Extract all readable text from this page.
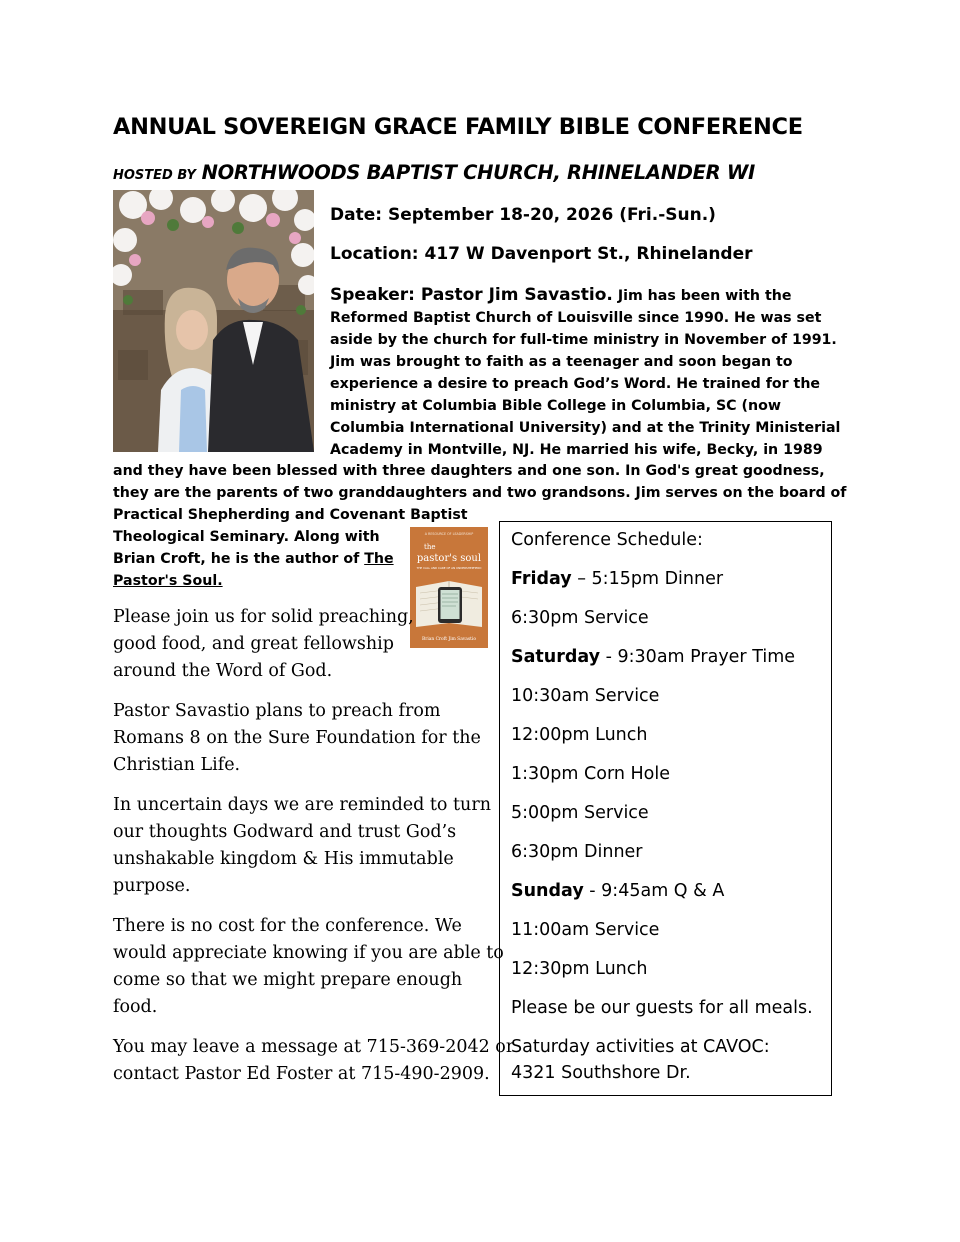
ANNUAL SOVEREIGN GRACE FAMILY BIBLE CONFERENCE

HOSTED BY NORTHWOODS BAPTIST CHURCH, RHINELANDER WI

Date: September 18-20, 2026 (Fri.-Sun.)

Location: 417 W Davenport St., Rhinelander

Speaker: Pastor Jim Savastio. Jim has been with the
Reformed Baptist Church of Louisville since 1990. He was set
aside by the church for full-time ministry in November of 1991.
Jim was brought to faith as a teenager and soon began to
experience a desire to preach God’s Word. He trained for the
ministry at Columbia Bible College in Columbia, SC (now
Columbia International University) and at the Trinity Ministerial
Academy in Montville, NJ. He married his wife, Becky, in 1989
and they have been blessed with three daughters and one son. In God's great goodness,
they are the parents of two granddaughters and two grandsons. Jim serves on the board of
Practical Shepherding and Covenant Baptist
Theological Seminary. Along with
Brian Croft, he is the author of The
Pastor's Soul.
A RESOURCE OF LEADERSHIP
the
pastor's soul
THE CALL AND CARE OF AN UNDERSHEPHERD
Brian Croft Jim Savastio
Please join us for solid preaching,
good food, and great fellowship
around the Word of God.
Pastor Savastio plans to preach from
Romans 8 on the Sure Foundation for the
Christian Life.
In uncertain days we are reminded to turn
our thoughts Godward and trust God’s
unshakable kingdom & His immutable
purpose.
There is no cost for the conference. We
would appreciate knowing if you are able to
come so that we might prepare enough
food.
You may leave a message at 715-369-2042 or
contact Pastor Ed Foster at 715-490-2909.

Conference Schedule:

Friday – 5:15pm Dinner

6:30pm Service

Saturday - 9:30am Prayer Time

10:30am Service

12:00pm Lunch

1:30pm Corn Hole

5:00pm Service

6:30pm Dinner

Sunday - 9:45am Q & A

11:00am Service

12:30pm Lunch

Please be our guests for all meals.

Saturday activities at CAVOC:

4321 Southshore Dr.
